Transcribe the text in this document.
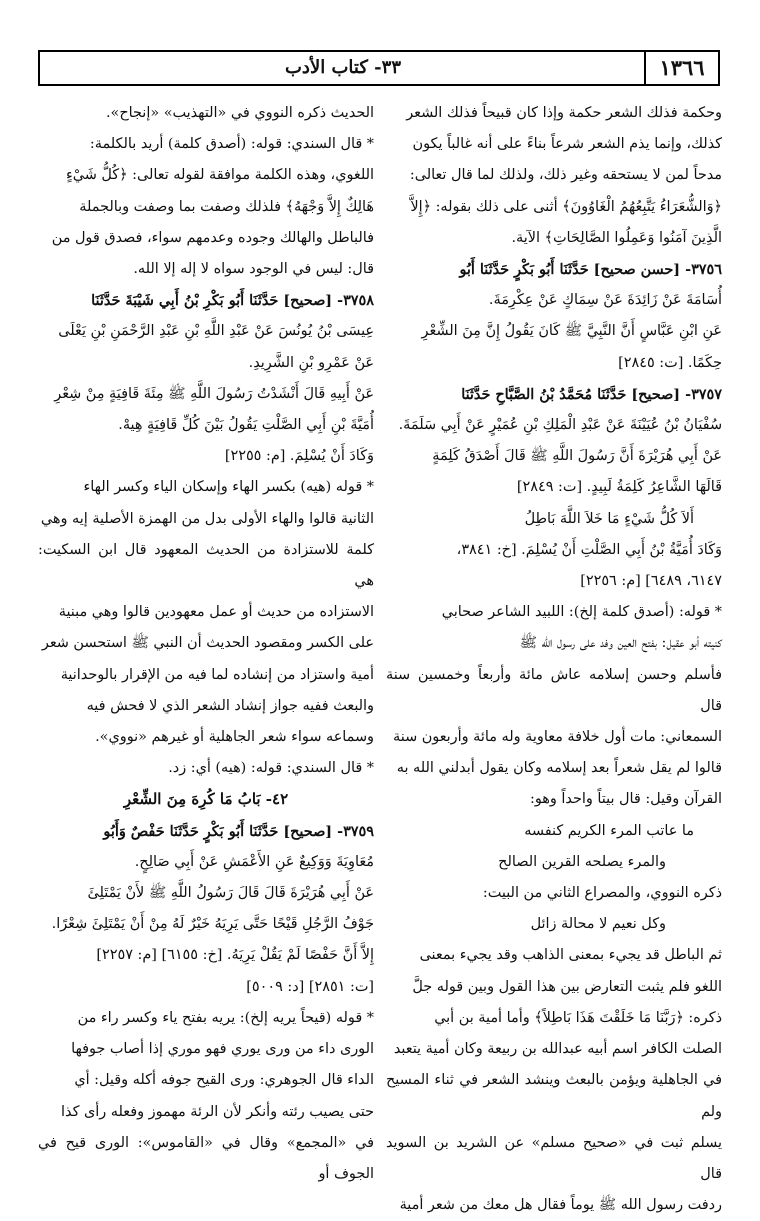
١٣٦٦
٣٣- كتاب الأدب

وحكمة فذلك الشعر حكمة وإذا كان قبيحاً فذلك الشعر

كذلك، وإنما يذم الشعر شرعاً بناءً على أنه غالباً يكون

مدحاً لمن لا يستحقه وغير ذلك، ولذلك لما قال تعالى:

﴿وَالشُّعَرَاءُ يَتَّبِعُهُمُ الْغَاوُونَ﴾ أثنى على ذلك بقوله: ﴿إِلاَّ

الَّذِينَ آمَنُوا وَعَمِلُوا الصَّالِحَاتِ﴾ الآية.

٣٧٥٦- [حسن صحيح] حَدَّثَنَا أَبُو بَكْرٍ حَدَّثَنَا أَبُو

أُسَامَةَ عَنْ زَائِدَةَ عَنْ سِمَاكٍ عَنْ عِكْرِمَةَ.

عَنِ ابْنِ عَبَّاسٍ أَنَّ النَّبِيَّ ﷺ كَانَ يَقُولُ إِنَّ مِنَ الشِّعْرِ

حِكَمًا. [ت: ٢٨٤٥]

٣٧٥٧- [صحيح] حَدَّثَنَا مُحَمَّدُ بْنُ الصَّبَّاحِ حَدَّثَنَا

سُفْيَانُ بْنُ عُيَيْنَةَ عَنْ عَبْدِ الْمَلِكِ بْنِ عُمَيْرٍ عَنْ أَبِي سَلَمَةَ.

عَنْ أَبِي هُرَيْرَةَ أَنَّ رَسُولَ اللَّهِ ﷺ قَالَ أَصْدَقُ كَلِمَةٍ

قَالَهَا الشَّاعِرُ كَلِمَةُ لَبِيدٍ. [ت: ٢٨٤٩]

أَلاَ كُلُّ شَيْءٍ مَا خَلاَ اللَّهَ بَاطِلُ

وَكَادَ أُمَيَّةُ بْنُ أَبِي الصَّلْتِ أَنْ يُسْلِمَ. [خ: ٣٨٤١،

٦١٤٧، ٦٤٨٩] [م: ٢٢٥٦]

* قوله: (أصدق كلمة إلخ): اللبيد الشاعر صحابي

كنيته أبو عقيل: بفتح العين وفد على رسول الله ﷺ

فأسلم وحسن إسلامه عاش مائة وأربعاً وخمسين سنة قال

السمعاني: مات أول خلافة معاوية وله مائة وأربعون سنة

قالوا لم يقل شعراً بعد إسلامه وكان يقول أبدلني الله به

القرآن وقيل: قال بيتاً واحداً وهو:

ما عاتب المرء الكريم كنفسه

والمرء يصلحه القرين الصالح

ذكره النووي، والمصراع الثاني من البيت:

وكل نعيم لا محالة زائل

ثم الباطل قد يجيء بمعنى الذاهب وقد يجيء بمعنى

اللغو فلم يثبت التعارض بين هذا القول وبين قوله جلَّ

ذكره: ﴿رَبَّنَا مَا خَلَقْتَ هَذَا بَاطِلاً﴾ وأما أمية بن أبي

الصلت الكافر اسم أبيه عبدالله بن ربيعة وكان أمية يتعبد

في الجاهلية ويؤمن بالبعث وينشد الشعر في ثناء المسيح ولم

يسلم ثبت في «صحيح مسلم» عن الشريد بن السويد قال

ردفت رسول الله ﷺ يوماً فقال هل معك من شعر أمية

الحديث ذكره النووي في «التهذيب» «إنجاح».

* قال السندي: قوله: (أصدق كلمة) أريد بالكلمة:

اللغوي، وهذه الكلمة موافقة لقوله تعالى: ﴿كُلُّ شَيْءٍ

هَالِكٌ إِلاَّ وَجْهَهُ﴾ فلذلك وصفت بما وصفت وبالجملة

فالباطل والهالك وجوده وعدمهم سواء، فصدق قول من

قال: ليس في الوجود سواه لا إله إلا الله.

٣٧٥٨- [صحيح] حَدَّثَنَا أَبُو بَكْرِ بْنُ أَبِي شَيْبَةَ حَدَّثَنَا

عِيسَى بْنُ يُونُسَ عَنْ عَبْدِ اللَّهِ بْنِ عَبْدِ الرَّحْمَنِ بْنِ يَعْلَى

عَنْ عَمْرِو بْنِ الشَّرِيدِ.

عَنْ أَبِيهِ قَالَ أَنْشَدْتُ رَسُولَ اللَّهِ ﷺ مِئَةَ قَافِيَةٍ مِنْ شِعْرِ

أُمَيَّةَ بْنِ أَبِي الصَّلْتِ يَقُولُ بَيْنَ كُلِّ قَافِيَةٍ هِيهْ.

وَكَادَ أَنْ يُسْلِمَ. [م: ٢٢٥٥]

* قوله (هيه) بكسر الهاء وإسكان الياء وكسر الهاء

الثانية قالوا والهاء الأولى بدل من الهمزة الأصلية إيه وهي

كلمة للاستزادة من الحديث المعهود قال ابن السكيت: هي

الاستزاده من حديث أو عمل معهودين قالوا وهي مبنية

على الكسر ومقصود الحديث أن النبي ﷺ استحسن شعر

أمية واستزاد من إنشاده لما فيه من الإقرار بالوحدانية

والبعث ففيه جواز إنشاد الشعر الذي لا فحش فيه

وسماعه سواء شعر الجاهلية أو غيرهم «نووي».

* قال السندي: قوله: (هيه) أي: زد.

٤٢- بَابُ مَا كُرِهَ مِنَ الشِّعْرِ

٣٧٥٩- [صحيح] حَدَّثَنَا أَبُو بَكْرٍ حَدَّثَنَا حَفْصٌ وَأَبُو

مُعَاوِيَةَ وَوَكِيعٌ عَنِ الأَعْمَشِ عَنْ أَبِي صَالِحٍ.

عَنْ أَبِي هُرَيْرَةَ قَالَ قَالَ رَسُولُ اللَّهِ ﷺ لأَنْ يَمْتَلِئَ

جَوْفُ الرَّجُلِ قَيْحًا حَتَّى يَرِيَهُ خَيْرٌ لَهُ مِنْ أَنْ يَمْتَلِئَ شِعْرًا.

إِلاَّ أَنَّ حَفْصًا لَمْ يَقُلْ يَرِيَهُ. [خ: ٦١٥٥] [م: ٢٢٥٧]

[ت: ٢٨٥١] [د: ٥٠٠٩]

* قوله (قيحاً يريه إلخ): يريه بفتح ياء وكسر راء من

الورى داء من ورى يوري فهو موري إذا أصاب جوفها

الداء قال الجوهري: ورى القيح جوفه أكله وقيل: أي

حتى يصيب رئته وأنكر لأن الرئة مهموز وفعله رأى كذا

في «المجمع» وقال في «القاموس»: الورى قيح في الجوف أو
